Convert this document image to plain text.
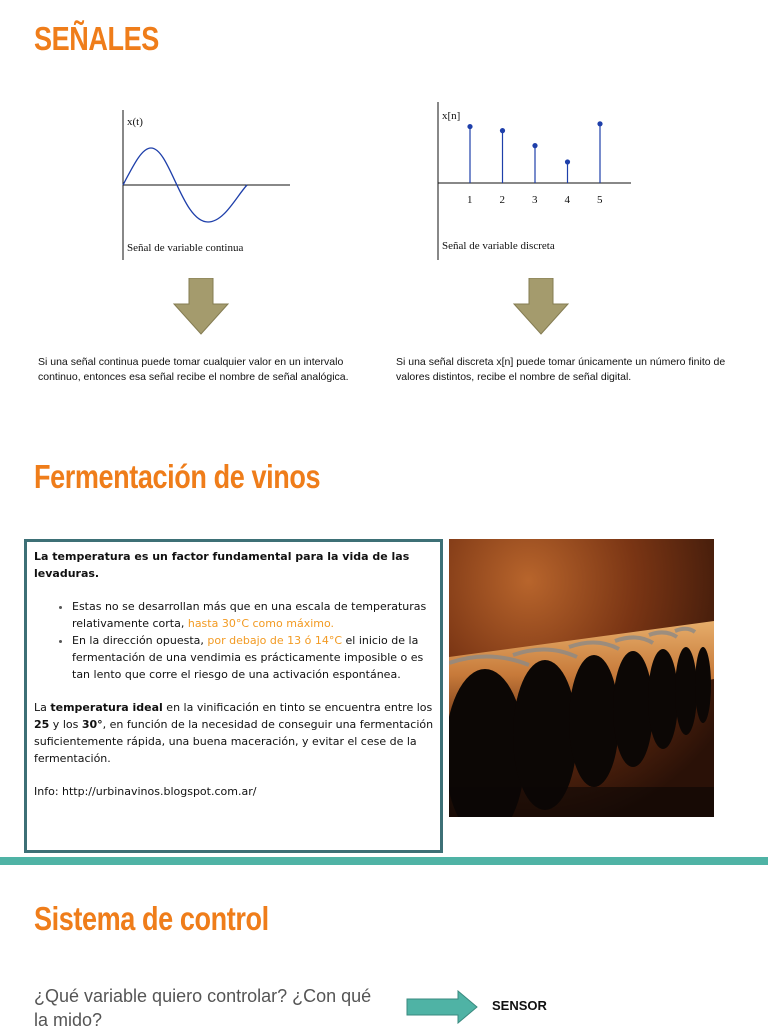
SEÑALES
x(t)
Señal de variable continua
x[n]
1 2 3 4 5
Señal de variable discreta

Si una señal continua puede tomar cualquier valor en un intervalo continuo, entonces esa señal recibe el nombre de señal analógica.

Si una señal discreta x[n] puede tomar únicamente un número finito de valores distintos, recibe el nombre de señal digital.

Fermentación de vinos

La temperatura es un factor fundamental para la vida de las levaduras.

• Estas no se desarrollan más que en una escala de temperaturas relativamente corta, hasta 30°C como máximo.
• En la dirección opuesta, por debajo de 13 ó 14°C el inicio de la fermentación de una vendimia es prácticamente imposible o es tan lento que corre el riesgo de una activación espontánea.

La temperatura ideal en la vinificación en tinto se encuentra entre los 25 y los 30°, en función de la necesidad de conseguir una fermentación suficientemente rápida, una buena maceración, y evitar el cese de la fermentación.

Info: http://urbinavinos.blogspot.com.ar/

Sistema de control

¿Qué variable quiero controlar? ¿Con qué la mido?

SENSOR
